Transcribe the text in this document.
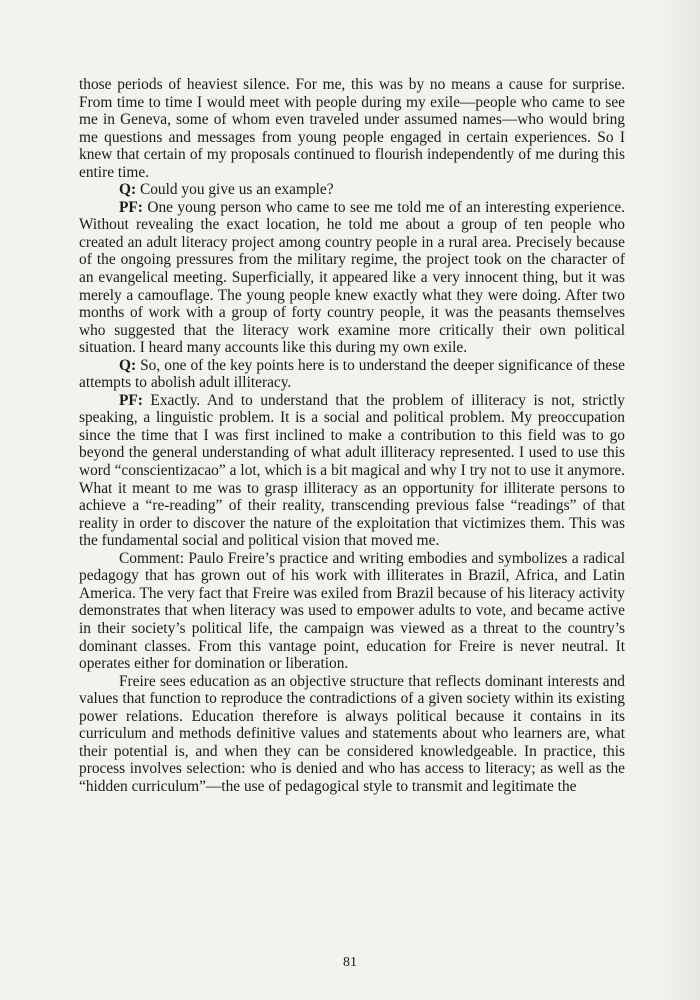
those periods of heaviest silence. For me, this was by no means a cause for surprise. From time to time I would meet with people during my exile—people who came to see me in Geneva, some of whom even traveled under assumed names—who would bring me questions and messages from young people engaged in certain experiences. So I knew that certain of my proposals continued to flourish independently of me during this entire time.

Q: Could you give us an example?

PF: One young person who came to see me told me of an interesting experience. Without revealing the exact location, he told me about a group of ten people who created an adult literacy project among country people in a rural area. Precisely because of the ongoing pressures from the military regime, the project took on the character of an evangelical meeting. Superficially, it appeared like a very innocent thing, but it was merely a camouflage. The young people knew exactly what they were doing. After two months of work with a group of forty country people, it was the peasants themselves who suggested that the literacy work examine more critically their own political situation. I heard many accounts like this during my own exile.

Q: So, one of the key points here is to understand the deeper significance of these attempts to abolish adult illiteracy.

PF: Exactly. And to understand that the problem of illiteracy is not, strictly speaking, a linguistic problem. It is a social and political problem. My preoccupation since the time that I was first inclined to make a contribution to this field was to go beyond the general understanding of what adult illiteracy represented. I used to use this word “conscientizacao” a lot, which is a bit magical and why I try not to use it anymore. What it meant to me was to grasp illiteracy as an opportunity for illiterate persons to achieve a “re-reading” of their reality, transcending previous false “readings” of that reality in order to discover the nature of the exploitation that victimizes them. This was the fundamental social and political vision that moved me.

Comment: Paulo Freire’s practice and writing embodies and symbolizes a radical pedagogy that has grown out of his work with illiterates in Brazil, Africa, and Latin America. The very fact that Freire was exiled from Brazil because of his literacy activity demonstrates that when literacy was used to empower adults to vote, and became active in their society’s political life, the campaign was viewed as a threat to the country’s dominant classes. From this vantage point, education for Freire is never neutral. It operates either for domination or liberation.

Freire sees education as an objective structure that reflects dominant interests and values that function to reproduce the contradictions of a given society within its existing power relations. Education therefore is always political because it contains in its curriculum and methods definitive values and statements about who learners are, what their potential is, and when they can be considered knowledgeable. In practice, this process involves selection: who is denied and who has access to literacy; as well as the “hidden curriculum”—the use of pedagogical style to transmit and legitimate the

81
